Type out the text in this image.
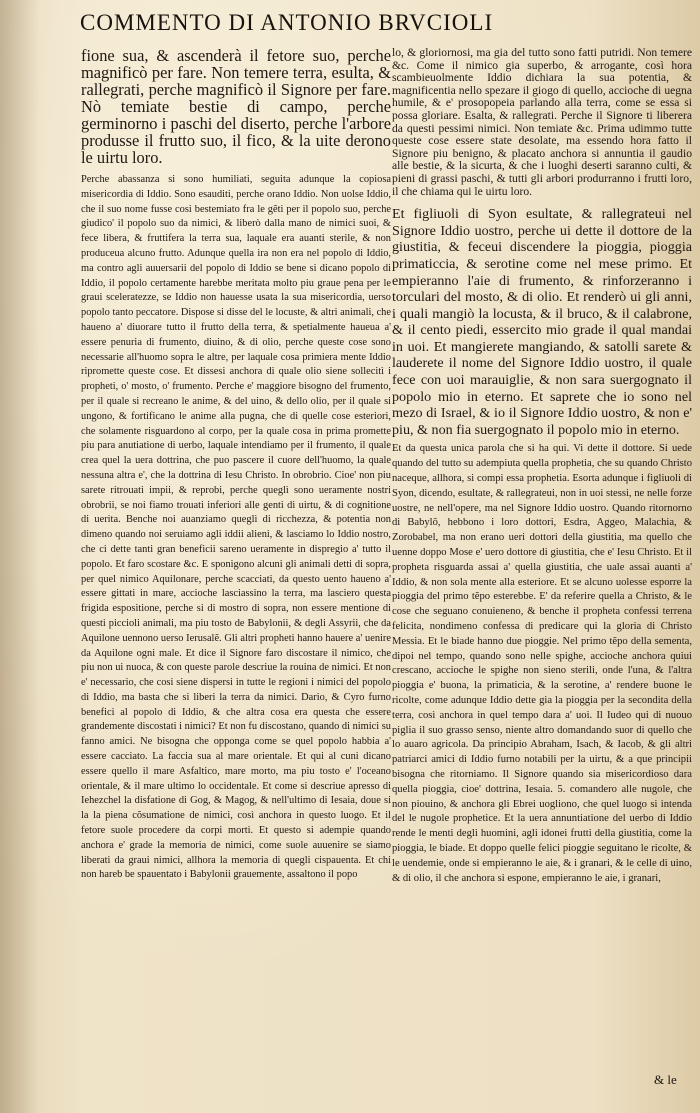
COMMENTO DI ANTONIO BRVCIOLI

fione sua, & ascenderà il fetore suo, perche magnificò per fare. Non temere terra, esulta, & rallegrati, perche magnificò il Signore per fare. Nò temiate bestie di campo, perche germinorno i paschi del diserto, perche l'arbore produsse il frutto suo, il fico, & la uite derono le uirtu loro.

Perche abassanza si sono humiliati, seguita adunque la copiosa misericordia di Iddio. Sono esauditi, perche orano Iddio. Non uolse Iddio, che il suo nome fusse cosi bestemiato fra le gẽti per il popolo suo, perche giudico' il popolo suo da nimici, & liberò dalla mano de nimici suoi, & fece libera, & fruttifera la terra sua, laquale era auanti sterile, & non produceua alcuno frutto. Adunque quella ira non era nel popolo di Iddio, ma contro agli auuersarii del popolo di Iddio se bene si dicano popolo di Iddio, il popolo certamente harebbe meritata molto piu graue pena per le graui sceleratezze, se Iddio non hauesse usata la sua misericordia, uerso popolo tanto peccatore. Dispose si disse del le locuste, & altri animali, che haueno a' diuorare tutto il frutto della terra, & spetialmente haueua a' essere penuria di frumento, diuino, & di olio, perche queste cose sono necessarie all'huomo sopra le altre, per laquale cosa primiera mente Iddio ripromette queste cose. Et dissesi anchora di quale olio siene sollecitì i propheti, o' mosto, o' frumento. Perche e' maggiore bisogno del frumento, per il quale si recreano le anime, & del uino, & dello olio, per il quale si ungono, & fortificano le anime alla pugna, che di quelle cose esteriori, che solamente risguardono al corpo, per la quale cosa in prima promette piu para anutiatione di uerbo, laquale intendiamo per il frumento, il quale crea quel la uera dottrina, che puo pascere il cuore dell'huomo, la quale nessuna altra e', che la dottrina di Iesu Christo. In obrobrio. Cioe' non piu sarete ritrouati impii, & reprobi, perche queglì sono ueramente nostri obrobrii, se noi fiamo trouati inferiori alle genti di uirtu, & di cognitione di uerita. Benche noi auanziamo queglì di ricchezza, & potentia non dimeno quando noi seruiamo agli iddii alieni, & lasciamo lo Iddio nostro, che ci dette tanti gran beneficii sareno ueramente in dispregio a' tutto il popolo. Et faro scostare &c. E sponigono alcuni gli animali detti di sopra, per quel nimico Aquilonare, perche scacciati, da questo uento haueno a' essere gittati in mare, accioche lasciassino la terra, ma lasciero questa frigida espositione, perche si di mostro di sopra, non essere mentione di questi piccioli animali, ma piu tosto de Babylonii, & degli Assyrii, che da Aquilone uennono uerso Ierusalẽ. Gli altri propheti hanno hauere a' uenire da Aquilone ogni male. Et dice il Signore faro discostare il nimico, che piu non ui nuoca, & con queste parole descriue la rouina de nimici. Et non e' necessario, che cosi siene dispersi in tutte le regioni i nimici del popolo di Iddio, ma basta che si liberi la terra da nimici. Dario, & Cyro furno benefici al popolo di Iddio, & che altra cosa era questa che essere grandemente discostati i nimici? Et non fu discostano, quando di nimici su fanno amici. Ne bisogna che opponga come se quel popolo habbia a' essere cacciato. La faccia sua al mare orientale. Et qui al cuni dicano essere quello il mare Asfaltico, mare morto, ma piu tosto e' l'oceano orientale, & il mare ultimo lo occidentale. Et come si descriue apresso di Iehezchel la disfatione di Gog, & Magog, & nell'ultimo di Iesaia, doue si la la piena cõsumatione de nimici, così anchora in questo luogo. Et il fetore suole procedere da corpi morti. Et questo si adempie quando anchora e' grade la memoria de nimici, come suole auuenire se siamo liberati da graui nimici, allhora la memoria di quegli cispauenta. Et chi non hareb be spauentato i Babylonii grauemente, assaltono il popo

lo, & gloriornosi, ma gia del tutto sono fatti putridi. Non temere &c. Come il nimico gia superbo, & arrogante, così hora scambieuolmente Iddio dichiara la sua potentia, & magnificentia nello spezare il giogo di quello, accioche di uegna humile, & e' prosopopeia parlando alla terra, come se essa si possa gloriare. Esalta, & rallegrati. Perche il Signore ti liberera da questi pessimi nimici. Non temiate &c. Prima udimmo tutte queste cose essere state desolate, ma essendo hora fatto il Signore piu benigno, & placato anchora si annuntia il gaudio alle bestie, & la sicurta, & che i luoghi deserti saranno culti, & pieni di grassi paschi, & tutti gli arbori produrranno i frutti loro, il che chiama qui le uirtu loro.

Et figliuoli di Syon esultate, & rallegrateui nel Signore Iddio uostro, perche ui dette il dottore de la giustitia, & feceui discendere la pioggia, pioggia primaticcia, & serotine come nel mese primo. Et empieranno l'aie di frumento, & rinforzeranno i torculari del mosto, & di olio. Et renderò ui gli anni, i quali mangiò la locusta, & il bruco, & il calabrone, & il cento piedi, essercito mio grade il qual mandai in uoi. Et mangierete mangiando, & satolli sarete & lauderete il nome del Signore Iddio uostro, il quale fece con uoi marauiglie, & non sara suergognato il popolo mio in eterno. Et saprete che io sono nel mezo di Israel, & io il Signore Iddio uostro, & non e' piu, & non fia suergognato il popolo mio in eterno.

Et da questa unica parola che si ha qui. Vi dette il dottore. Si uede quando del tutto su adempiuta quella prophetia, che su quando Christo naceque, allhora, si compi essa prophetia. Esorta adunque i figliuoli di Syon, dicendo, esultate, & rallegrateui, non in uoi stessi, ne nelle forze uostre, ne nell'opere, ma nel Signore Iddio uostro. Quando ritornorno di Babylõ, hebbono i loro dottori, Esdra, Aggeo, Malachia, & Zorobabel, ma non erano ueri dottori della giustitia, ma quello che uenne doppo Mose e' uero dottore di giustitia, che e' Iesu Christo. Et il propheta risguarda assai a' quella giustitia, che uale assai auanti a' Iddio, & non sola mente alla esteriore. Et se alcuno uolesse esporre la pioggia del primo tẽpo esterebbe. E' da referire quella a Christo, & le cose che seguano conuieneno, & benche il propheta confessi terrena felicita, nondimeno confessa di predicare qui la gloria di Christo Messia. Et le biade hanno due pioggie. Nel primo tẽpo della sementa, dipoi nel tempo, quando sono nelle spighe, accioche anchora quiui crescano, accioche le spighe non sieno sterili, onde l'una, & l'altra pioggia e' buona, la primaticia, & la serotine, a' rendere buone le ricolte, come adunque Iddio dette gia la pioggia per la secondita della terra, così anchora in quel tempo dara a' uoi. Il Iudeo qui di nuouo piglia il suo grasso senso, niente altro domandando suor di quello che lo auaro agricola. Da principio Abraham, Isach, & Iacob, & gli altri patriarci amici di Iddio furno notabili per la uirtu, & a que principii bisogna che ritorniamo. Il Signore quando sia misericordioso dara quella pioggia, cioe' dottrina, Iesaia. 5. comandero alle nugole, che non piouino, & anchora gli Ebrei uogliono, che quel luogo si intenda del le nugole prophetice. Et la uera annuntiatione del uerbo di Iddio rende le menti degli huomini, agli idonei frutti della giustitia, come la pioggia, le biade. Et doppo quelle felici pioggie seguitano le ricolte, & le uendemie, onde si empieranno le aie, & i granari, & le celle di uino, & di olio, il che anchora si espone, empieranno le aie, i granari,

& le
